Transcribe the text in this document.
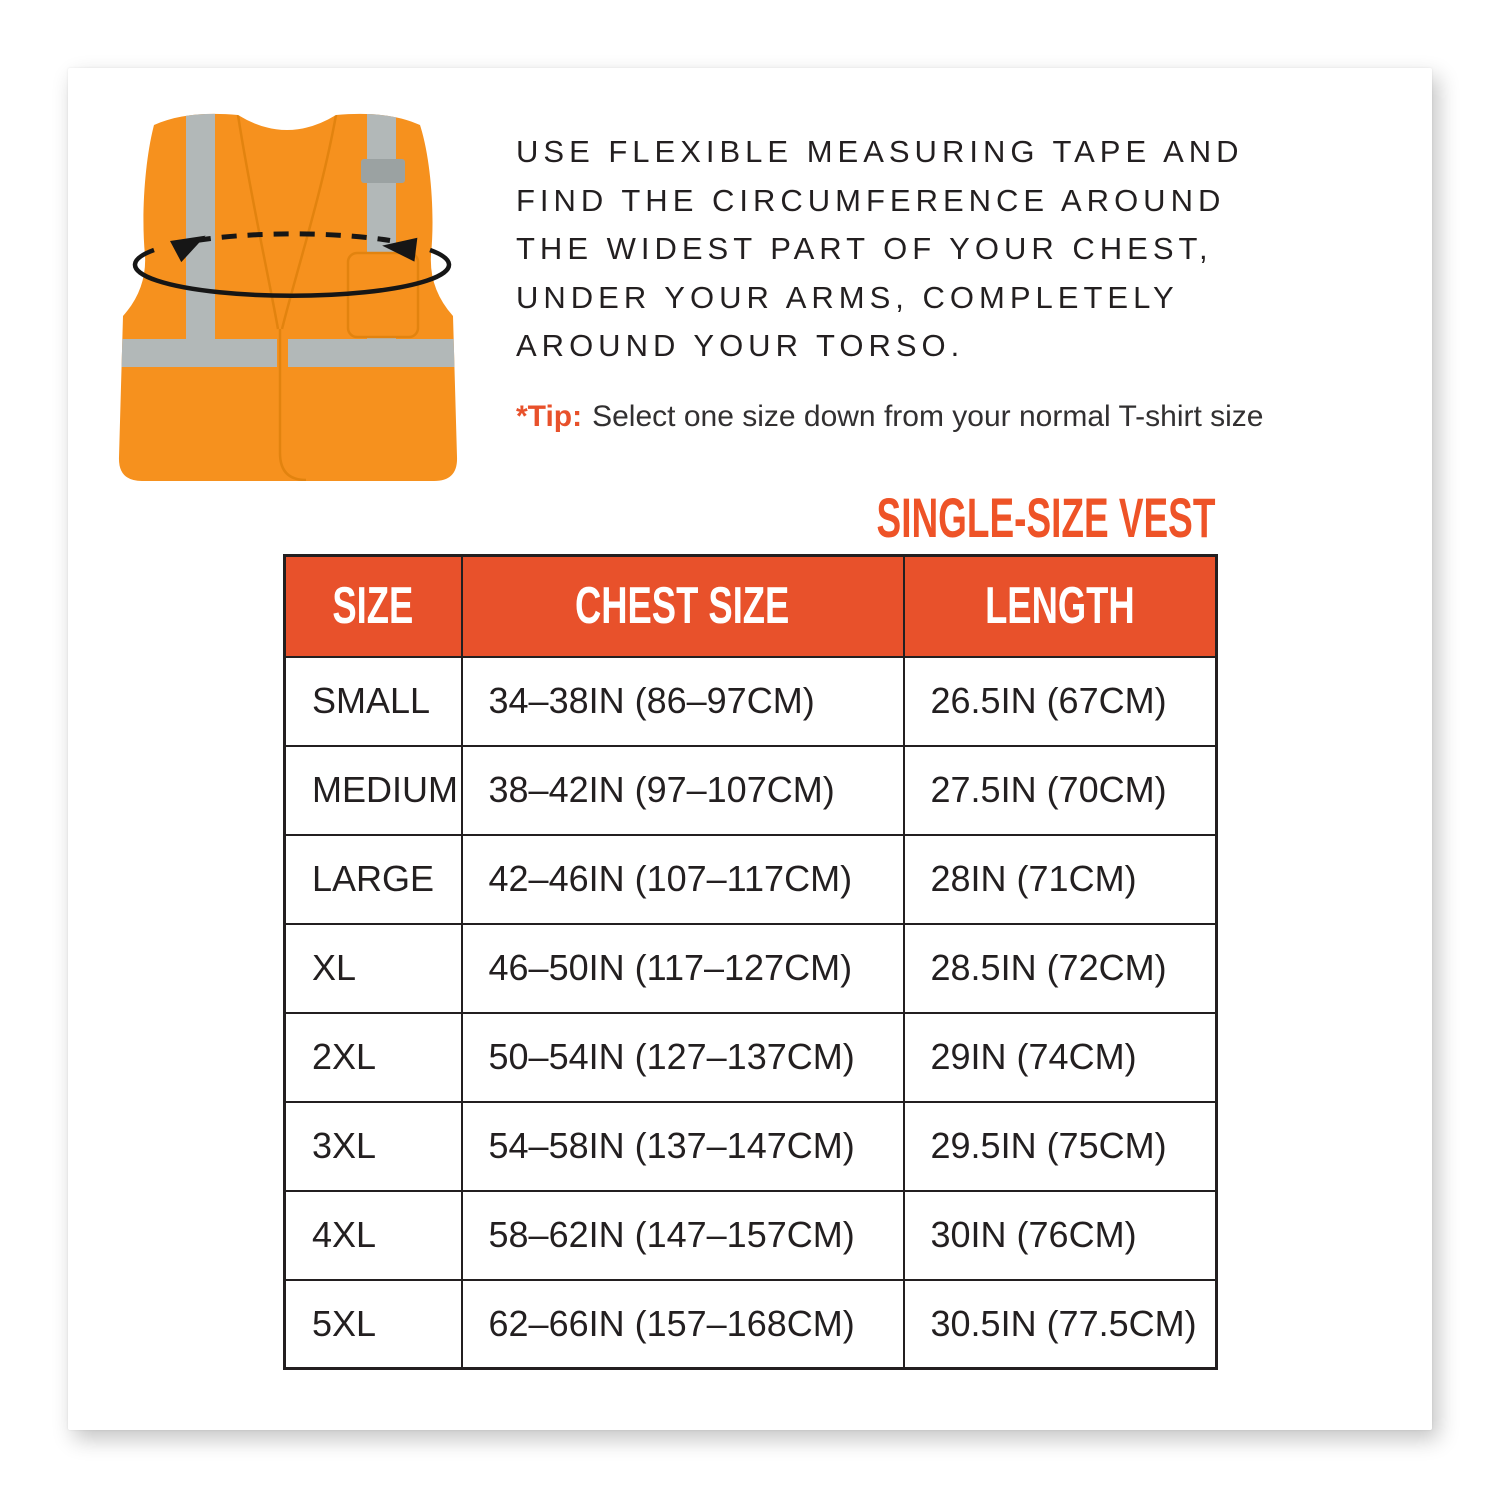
USE FLEXIBLE MEASURING TAPE AND
FIND THE CIRCUMFERENCE AROUND
THE WIDEST PART OF YOUR CHEST,
UNDER YOUR ARMS, COMPLETELY
AROUND YOUR TORSO.
*Tip: Select one size down from your normal T-shirt size
SINGLE-SIZE VEST
SIZE	CHEST SIZE	LENGTH
SMALL	34–38IN (86–97CM)	26.5IN (67CM)
MEDIUM	38–42IN (97–107CM)	27.5IN (70CM)
LARGE	42–46IN (107–117CM)	28IN (71CM)
XL	46–50IN (117–127CM)	28.5IN (72CM)
2XL	50–54IN (127–137CM)	29IN (74CM)
3XL	54–58IN (137–147CM)	29.5IN (75CM)
4XL	58–62IN (147–157CM)	30IN (76CM)
5XL	62–66IN (157–168CM)	30.5IN (77.5CM)
